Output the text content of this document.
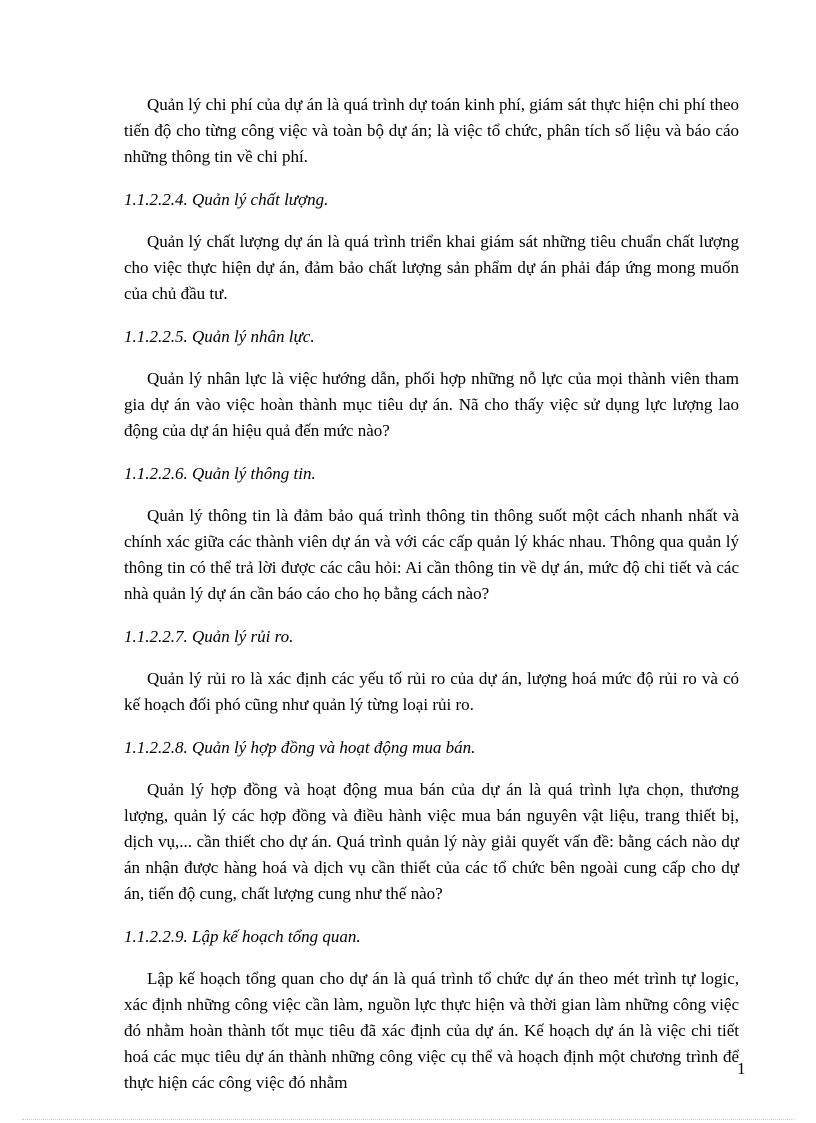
Quản lý chi phí của dự án là quá trình dự toán kinh phí, giám sát thực hiện chi phí theo tiến độ cho từng công việc và toàn bộ dự án; là việc tổ chức, phân tích số liệu và báo cáo những thông tin về chi phí.

1.1.2.2.4. Quản lý chất lượng.

Quản lý chất lượng dự án là quá trình triển khai giám sát những tiêu chuẩn chất lượng cho việc thực hiện dự án, đảm bảo chất lượng sản phẩm dự án phải đáp ứng mong muốn của chủ đầu tư.

1.1.2.2.5. Quản lý nhân lực.

Quản lý nhân lực là việc hướng dẫn, phối hợp những nỗ lực của mọi thành viên tham gia dự án vào việc hoàn thành mục tiêu dự án. Nã cho thấy việc sử dụng lực lượng lao động của dự án hiệu quả đến mức nào?

1.1.2.2.6. Quản lý thông tin.

Quản lý thông tin là đảm bảo quá trình thông tin thông suốt một cách nhanh nhất và chính xác giữa các thành viên dự án và với các cấp quản lý khác nhau. Thông qua quản lý thông tin có thể trả lời được các câu hỏi: Ai cần thông tin về dự án, mức độ chi tiết và các nhà quản lý dự án cần báo cáo cho họ bằng cách nào?

1.1.2.2.7. Quản lý rủi ro.

Quản lý rủi ro là xác định các yếu tố rủi ro của dự án, lượng hoá mức độ rủi ro và có kế hoạch đối phó cũng như quản lý từng loại rủi ro.

1.1.2.2.8. Quản lý hợp đồng và hoạt động mua bán.

Quản lý hợp đồng và hoạt động mua bán của dự án là quá trình lựa chọn, thương lượng, quản lý các hợp đồng và điều hành việc mua bán nguyên vật liệu, trang thiết bị, dịch vụ,... cần thiết cho dự án. Quá trình quản lý này giải quyết vấn đề: bằng cách nào dự án nhận được hàng hoá và dịch vụ cần thiết của các tổ chức bên ngoài cung cấp cho dự án, tiến độ cung, chất lượng cung như thế nào?

1.1.2.2.9. Lập kế hoạch tổng quan.

Lập kế hoạch tổng quan cho dự án là quá trình tổ chức dự án theo mét trình tự logic, xác định những công việc cần làm, nguồn lực thực hiện và thời gian làm những công việc đó nhằm hoàn thành tốt mục tiêu đã xác định của dự án. Kế hoạch dự án là việc chi tiết hoá các mục tiêu dự án thành những công việc cụ thể và hoạch định một chương trình để thực hiện các công việc đó nhằm

1
